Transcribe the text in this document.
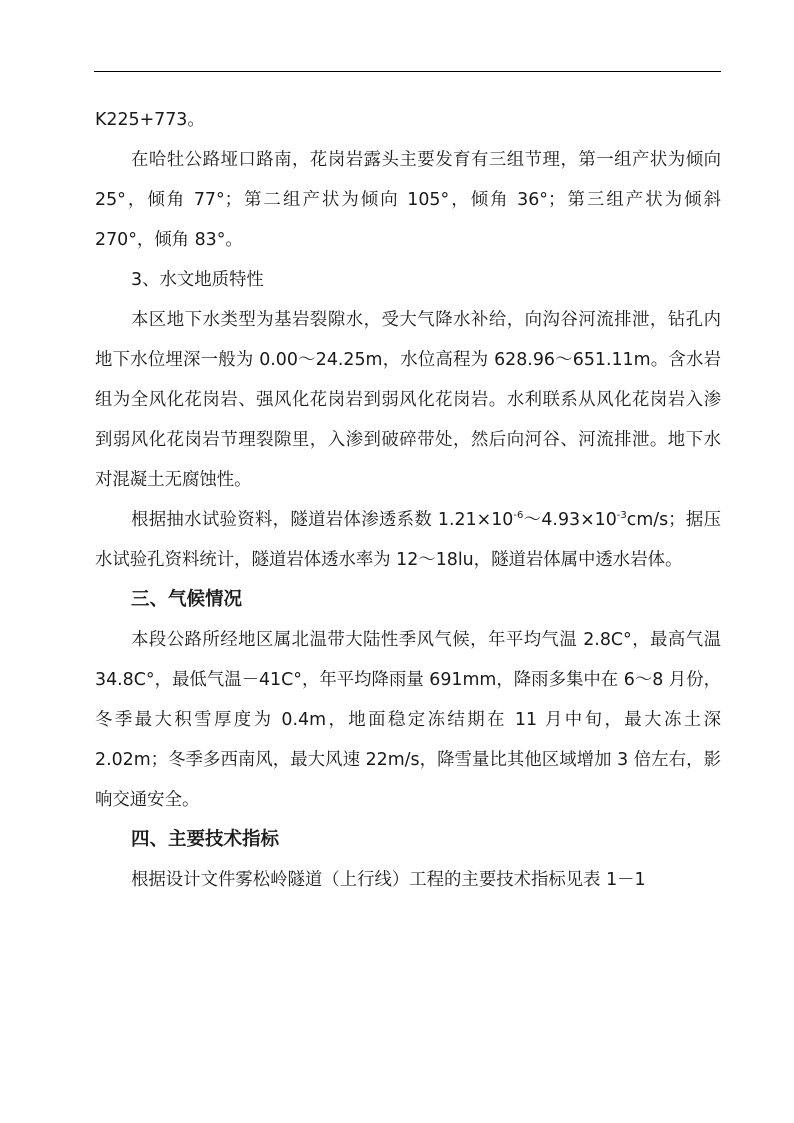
K225+773。

在哈牡公路垭口路南，花岗岩露头主要发育有三组节理，第一组产状为倾向 25°，倾角 77°；第二组产状为倾向 105°，倾角 36°；第三组产状为倾斜 270°，倾角 83°。

3、水文地质特性

本区地下水类型为基岩裂隙水，受大气降水补给，向沟谷河流排泄，钻孔内地下水位埋深一般为 0.00～24.25m，水位高程为 628.96～651.11m。含水岩组为全风化花岗岩、强风化花岗岩到弱风化花岗岩。水利联系从风化花岗岩入渗到弱风化花岗岩节理裂隙里，入渗到破碎带处，然后向河谷、河流排泄。地下水对混凝土无腐蚀性。

根据抽水试验资料，隧道岩体渗透系数 $1.21\times 10^{-6}\sim 4.93\times 10^{-3}cm/s$；据压水试验孔资料统计，隧道岩体透水率为 12～18lu，隧道岩体属中透水岩体。

三、气候情况

本段公路所经地区属北温带大陆性季风气候，年平均气温 2.8C°，最高气温 34.8C°，最低气温－41C°，年平均降雨量 691mm，降雨多集中在 6～8 月份，冬季最大积雪厚度为 0.4m，地面稳定冻结期在 11 月中旬，最大冻土深 2.02m；冬季多西南风，最大风速 22m/s，降雪量比其他区域增加 3 倍左右，影响交通安全。

四、主要技术指标

根据设计文件雾松岭隧道（上行线）工程的主要技术指标见表 1－1
